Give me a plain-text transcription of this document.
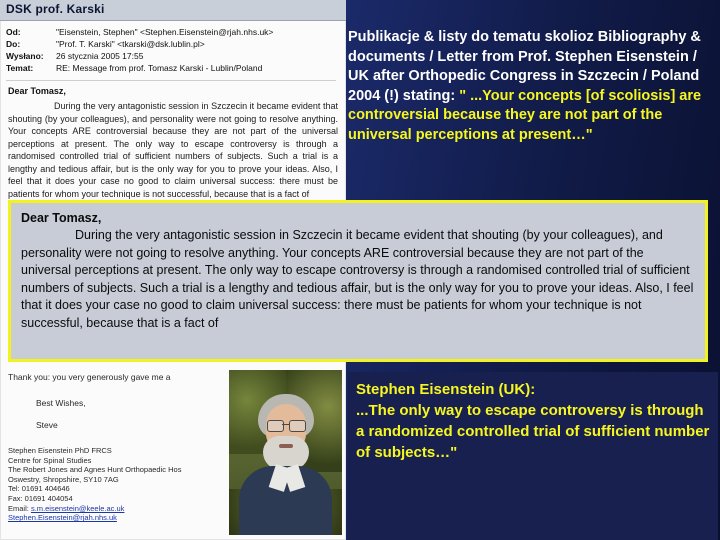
DSK prof. Karski
Od:	"Eisenstein, Stephen" <Stephen.Eisenstein@rjah.nhs.uk>
Do:	"Prof. T. Karski" <tkarski@dsk.lublin.pl>
Wysłano:	26 stycznia 2005 17:55
Temat:	RE: Message from prof. Tomasz Karski - Lublin/Poland
Dear Tomasz,
During the very antagonistic session in Szczecin it became evident that shouting (by your colleagues), and personality were not going to resolve anything. Your concepts ARE controversial because they are not part of the universal perceptions at present. The only way to escape controversy is through a randomised controlled trial of sufficient numbers of subjects. Such a trial is a lengthy and tedious affair, but is the only way for you to prove your ideas. Also, I feel that it does your case no good to claim universal success: there must be patients for whom your technique is not successful, because that is a fact of
Thank you: you very generously gave me a
Best Wishes,
Steve
Stephen Eisenstein PhD FRCS
Centre for Spinal Studies
The Robert Jones and Agnes Hunt Orthopaedic Hos
Oswestry, Shropshire, SY10 7AG
Tel: 01691 404646
Fax: 01691 404054
Email: s.m.eisenstein@keele.ac.uk
Stephen.Eisenstein@rjah.nhs.uk
Dear Tomasz,
During the very antagonistic session in Szczecin it became evident that shouting (by your colleagues), and personality were not going to resolve anything. Your concepts ARE controversial because they are not part of the universal perceptions at present. The only way to escape controversy is through a randomised controlled trial of sufficient numbers of subjects. Such a trial is a lengthy and tedious affair, but is the only way for you to prove your ideas. Also, I feel that it does your case no good to claim universal success: there must be patients for whom your technique is not successful, because that is a fact of
Publikacje & listy do tematu skolioz Bibliography & documents / Letter from Prof. Stephen Eisenstein / UK after Orthopedic Congress in Szczecin / Poland 2004 (!) stating: " ...Your concepts [of scoliosis] are controversial because they are not part of the universal perceptions at present…"
Stephen Eisenstein (UK):
...The only way to escape controversy is through a randomized controlled trial of sufficient number of subjects…"
